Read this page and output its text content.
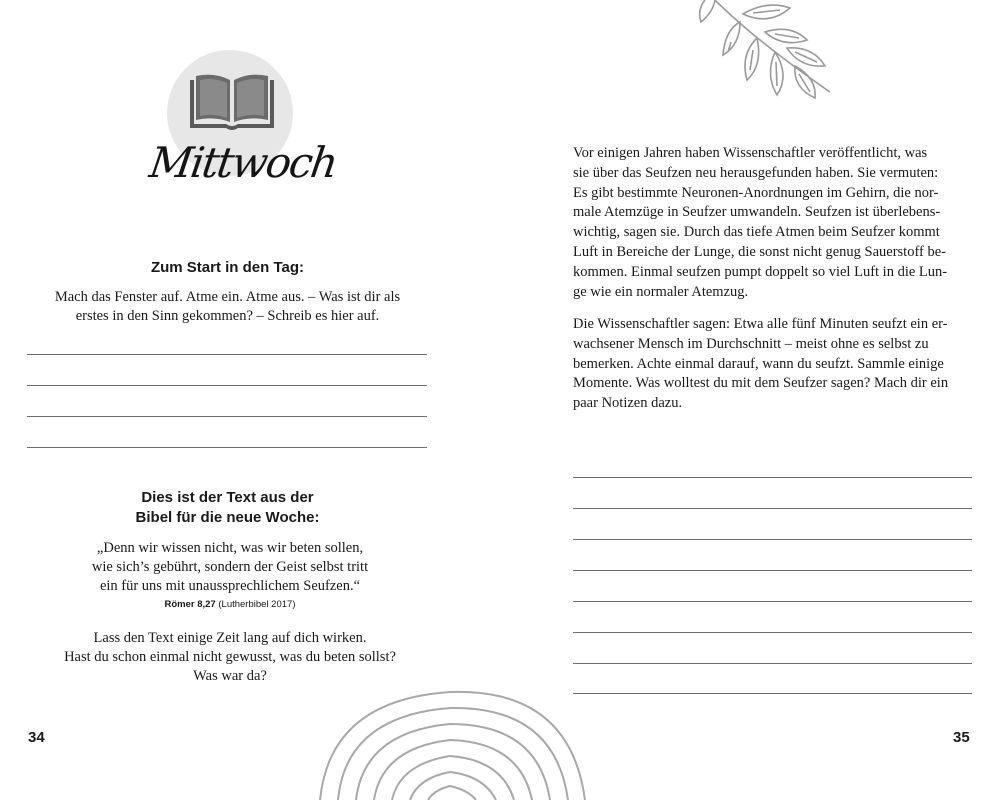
Mittwoch
Zum Start in den Tag:
Mach das Fenster auf. Atme ein. Atme aus. – Was ist dir als
erstes in den Sinn gekommen? – Schreib es hier auf.
Dies ist der Text aus der
Bibel für die neue Woche:
„Denn wir wissen nicht, was wir beten sollen,
wie sich’s gebührt, sondern der Geist selbst tritt
ein für uns mit unaussprechlichem Seufzen.“
Römer 8,27 (Lutherbibel 2017)
Lass den Text einige Zeit lang auf dich wirken.
Hast du schon einmal nicht gewusst, was du beten sollst?
Was war da?
34
Vor einigen Jahren haben Wissenschaftler veröffentlicht, was
sie über das Seufzen neu herausgefunden haben. Sie vermuten:
Es gibt bestimmte Neuronen-Anordnungen im Gehirn, die nor-
male Atemzüge in Seufzer umwandeln. Seufzen ist überlebens-
wichtig, sagen sie. Durch das tiefe Atmen beim Seufzer kommt
Luft in Bereiche der Lunge, die sonst nicht genug Sauerstoff be-
kommen. Einmal seufzen pumpt doppelt so viel Luft in die Lun-
ge wie ein normaler Atemzug.
Die Wissenschaftler sagen: Etwa alle fünf Minuten seufzt ein er-
wachsener Mensch im Durchschnitt – meist ohne es selbst zu
bemerken. Achte einmal darauf, wann du seufzt. Sammle einige
Momente. Was wolltest du mit dem Seufzer sagen? Mach dir ein
paar Notizen dazu.
35
